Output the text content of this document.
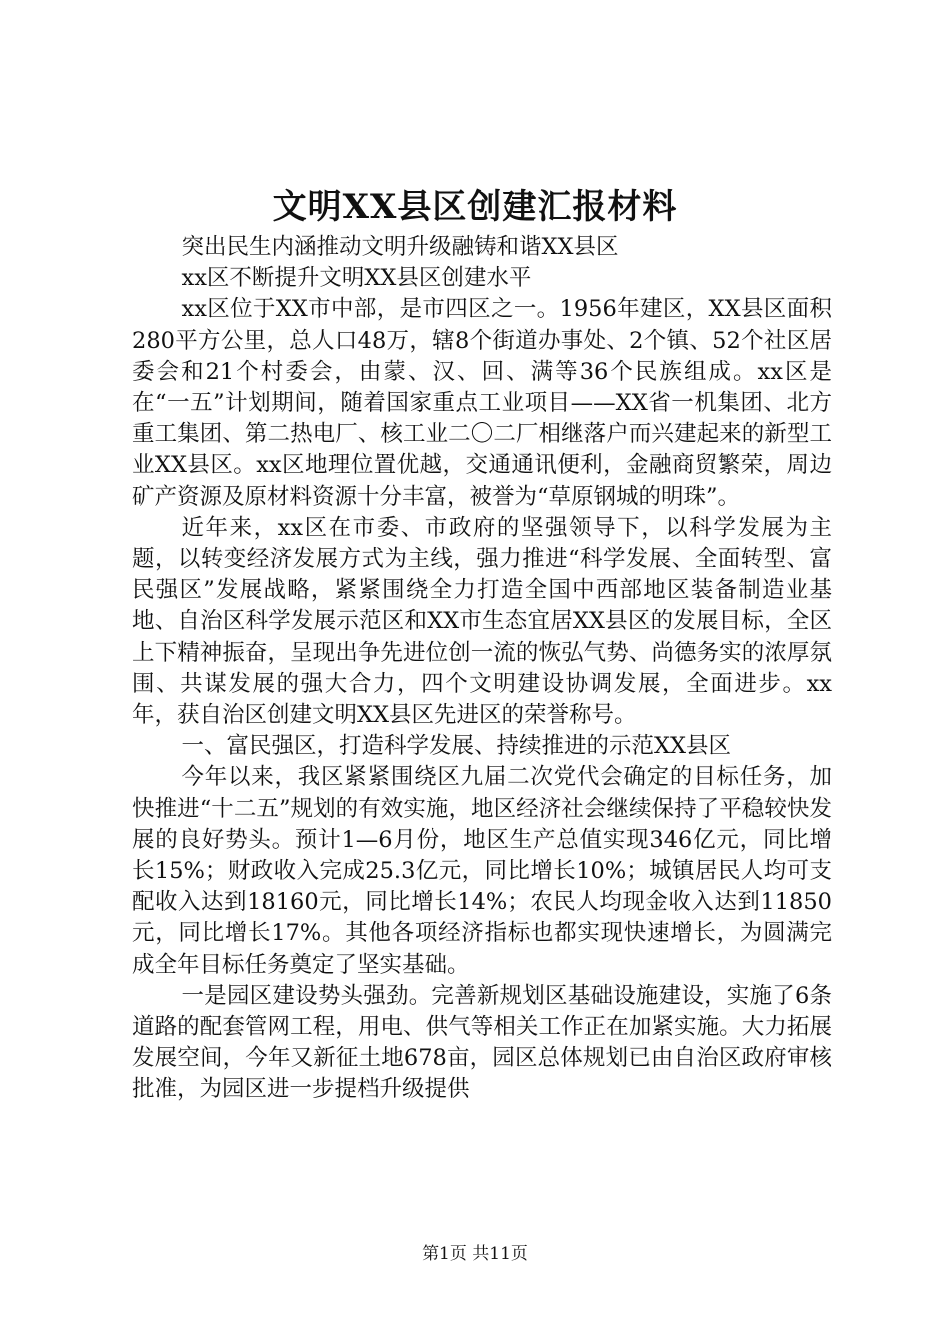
文明XX县区创建汇报材料

突出民生内涵推动文明升级融铸和谐XX县区

xx区不断提升文明XX县区创建水平

xx区位于XX市中部，是市四区之一。1956年建区，XX县区面积280平方公里，总人口48万，辖8个街道办事处、2个镇、52个社区居委会和21个村委会，由蒙、汉、回、满等36个民族组成。xx区是在“一五”计划期间，随着国家重点工业项目——XX省一机集团、北方重工集团、第二热电厂、核工业二〇二厂相继落户而兴建起来的新型工业XX县区。xx区地理位置优越，交通通讯便利，金融商贸繁荣，周边矿产资源及原材料资源十分丰富，被誉为“草原钢城的明珠”。

近年来，xx区在市委、市政府的坚强领导下，以科学发展为主题，以转变经济发展方式为主线，强力推进“科学发展、全面转型、富民强区”发展战略，紧紧围绕全力打造全国中西部地区装备制造业基地、自治区科学发展示范区和XX市生态宜居XX县区的发展目标，全区上下精神振奋，呈现出争先进位创一流的恢弘气势、尚德务实的浓厚氛围、共谋发展的强大合力，四个文明建设协调发展，全面进步。xx年，获自治区创建文明XX县区先进区的荣誉称号。

一、富民强区，打造科学发展、持续推进的示范XX县区

今年以来，我区紧紧围绕区九届二次党代会确定的目标任务，加快推进“十二五”规划的有效实施，地区经济社会继续保持了平稳较快发展的良好势头。预计1—6月份，地区生产总值实现346亿元，同比增长15%；财政收入完成25.3亿元，同比增长10%；城镇居民人均可支配收入达到18160元，同比增长14%；农民人均现金收入达到11850元，同比增长17%。其他各项经济指标也都实现快速增长，为圆满完成全年目标任务奠定了坚实基础。

一是园区建设势头强劲。完善新规划区基础设施建设，实施了6条道路的配套管网工程，用电、供气等相关工作正在加紧实施。大力拓展发展空间，今年又新征土地678亩，园区总体规划已由自治区政府审核批准，为园区进一步提档升级提供

第1页 共11页
